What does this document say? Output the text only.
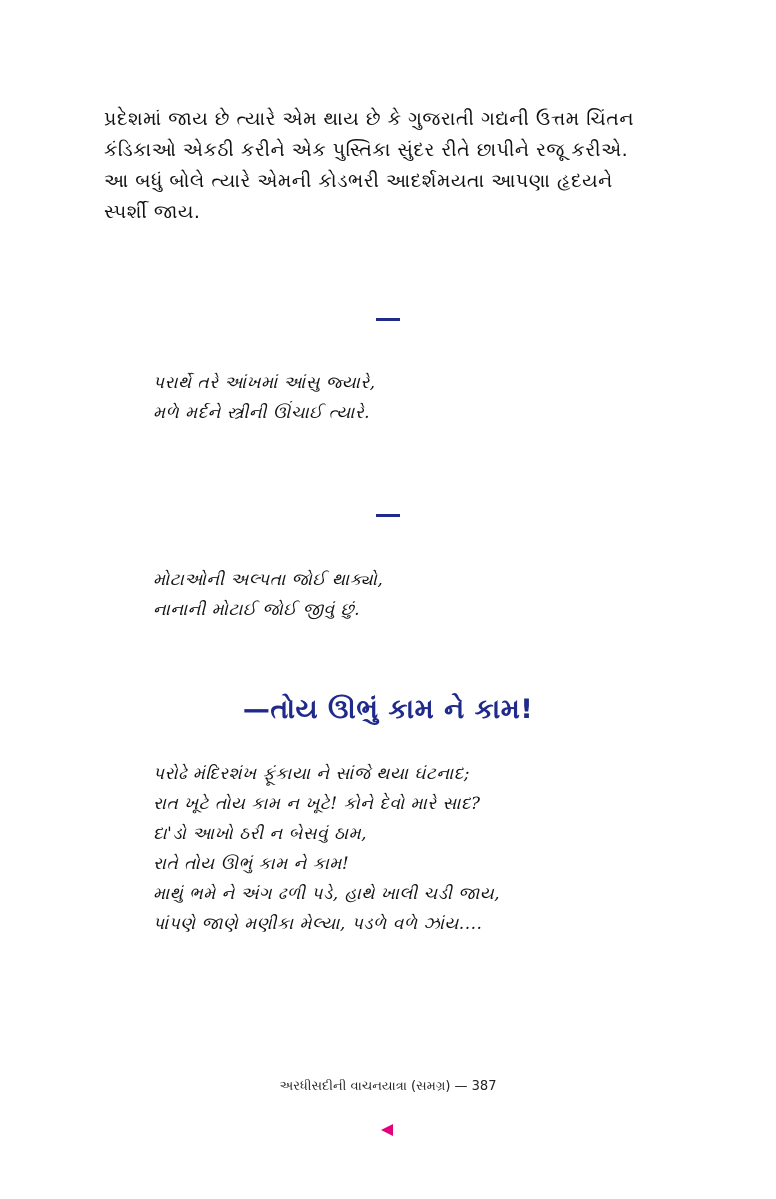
પ્રદેશમાં જાય છે ત્યારે એમ થાય છે કે ગુજરાતી ગદ્યની ઉત્તમ ચિંતન

કંડિકાઓ એકઠી કરીને એક પુસ્તિકા સુંદર રીતે છાપીને રજૂ કરીએ.

આ બધું બોલે ત્યારે એમની કોડભરી આદર્શમયતા આપણા હૃદયને

સ્પર્શી જાય.

પરાર્થે તરે આંખમાં આંસુ જ્યારે,

મળે મર્દને સ્ત્રીની ઊંચાઈ ત્યારે.

મોટાઓની અલ્પતા જોઈ થાક્યો,

નાનાની મોટાઈ જોઈ જીવું છું.

—તોય ઊભું કામ ને કામ!

પરોઢે મંદિરશંખ ફૂંકાયા ને સાંજે થયા ઘંટનાદ;

રાત ખૂટે તોય કામ ન ખૂટે! કોને દેવો મારે સાદ?

દા'ડો આખો ઠરી ન બેસવું ઠામ,

રાતે તોય ઊભું કામ ને કામ!

માથું ભમે ને અંગ ઢળી પડે, હાથે ખાલી ચડી જાય,

પાંપણે જાણે મણીકા મેલ્યા, પડળે વળે ઝાંય....

અરધીસદીની વાચનયાત્રા (સમગ્ર) — 387
